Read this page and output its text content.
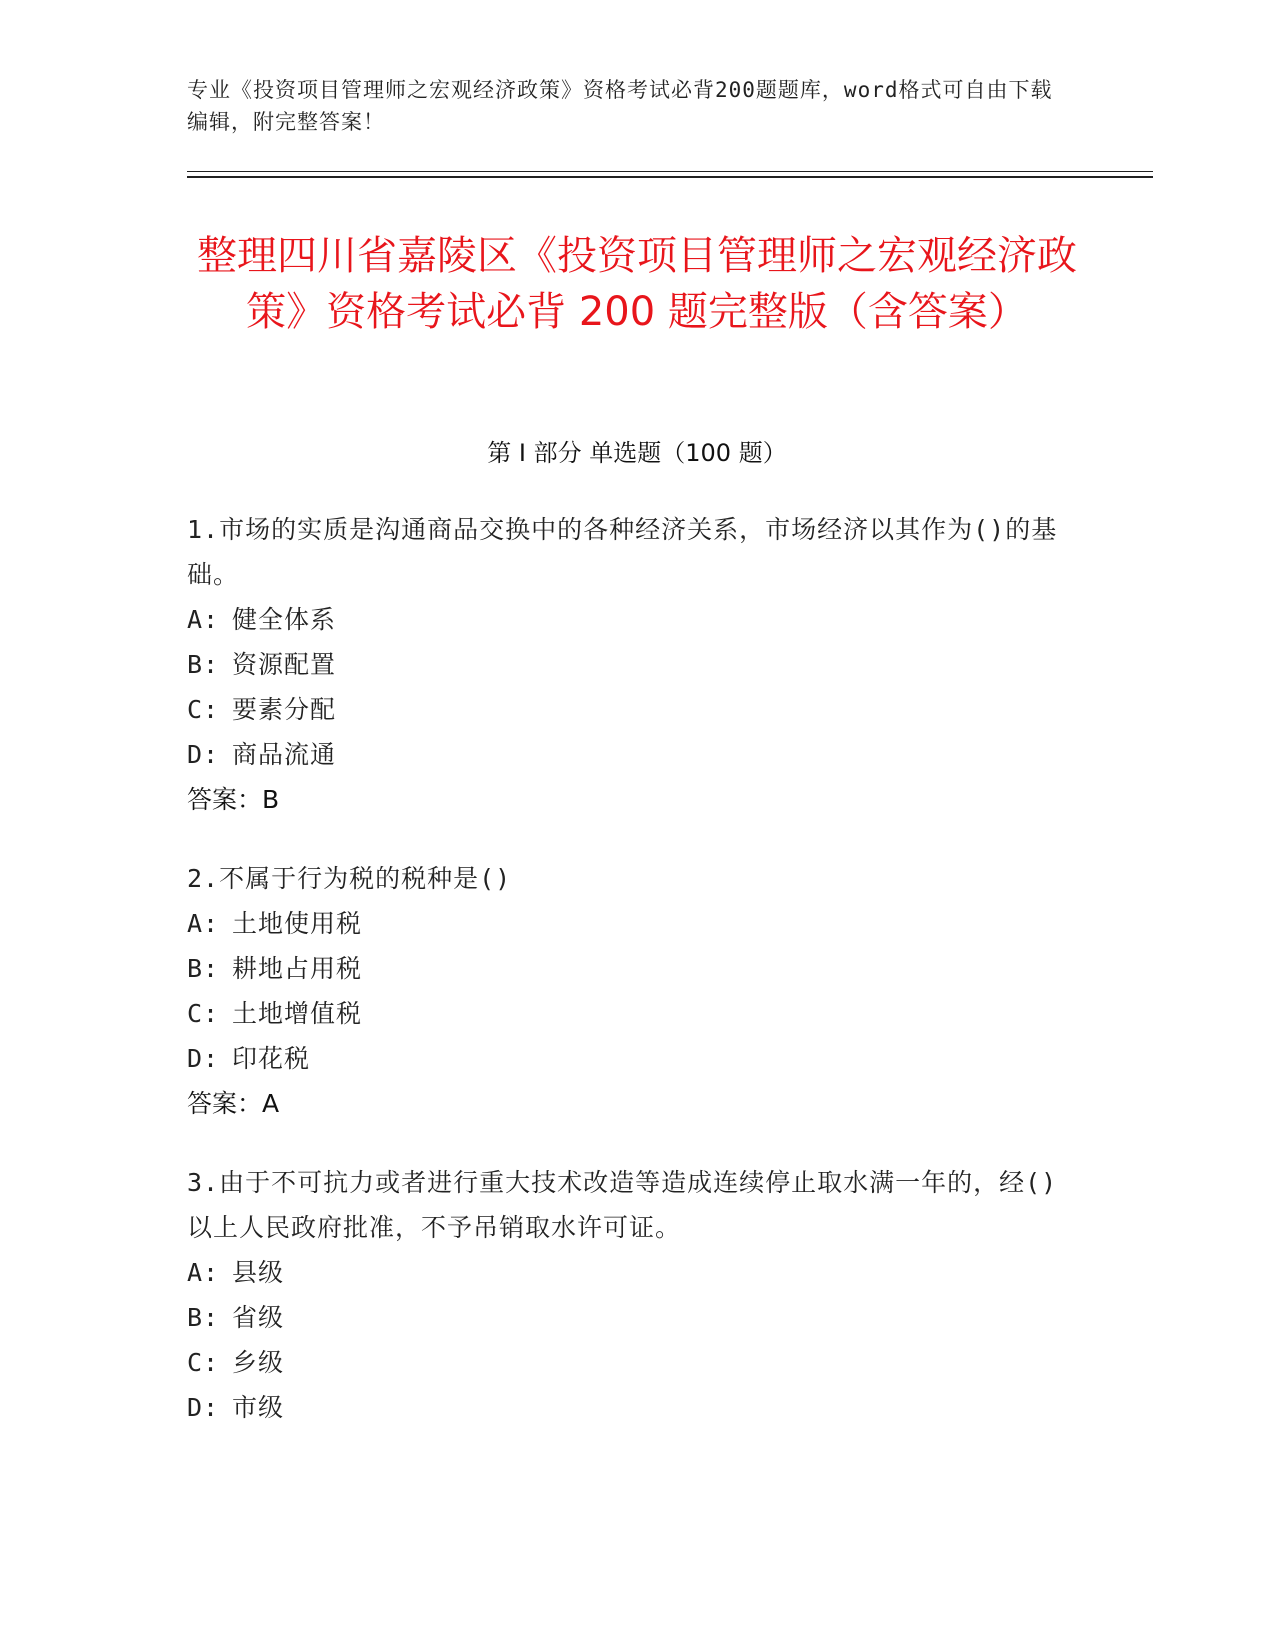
专业《投资项目管理师之宏观经济政策》资格考试必背200题题库，word格式可自由下载编辑，附完整答案！
整理四川省嘉陵区《投资项目管理师之宏观经济政策》资格考试必背 200 题完整版（含答案）
第 I 部分 单选题（100 题）
1.市场的实质是沟通商品交换中的各种经济关系，市场经济以其作为()的基础。
A: 健全体系
B: 资源配置
C: 要素分配
D: 商品流通
答案：B
2.不属于行为税的税种是()
A: 土地使用税
B: 耕地占用税
C: 土地增值税
D: 印花税
答案：A
3.由于不可抗力或者进行重大技术改造等造成连续停止取水满一年的，经()以上人民政府批准，不予吊销取水许可证。
A: 县级
B: 省级
C: 乡级
D: 市级
